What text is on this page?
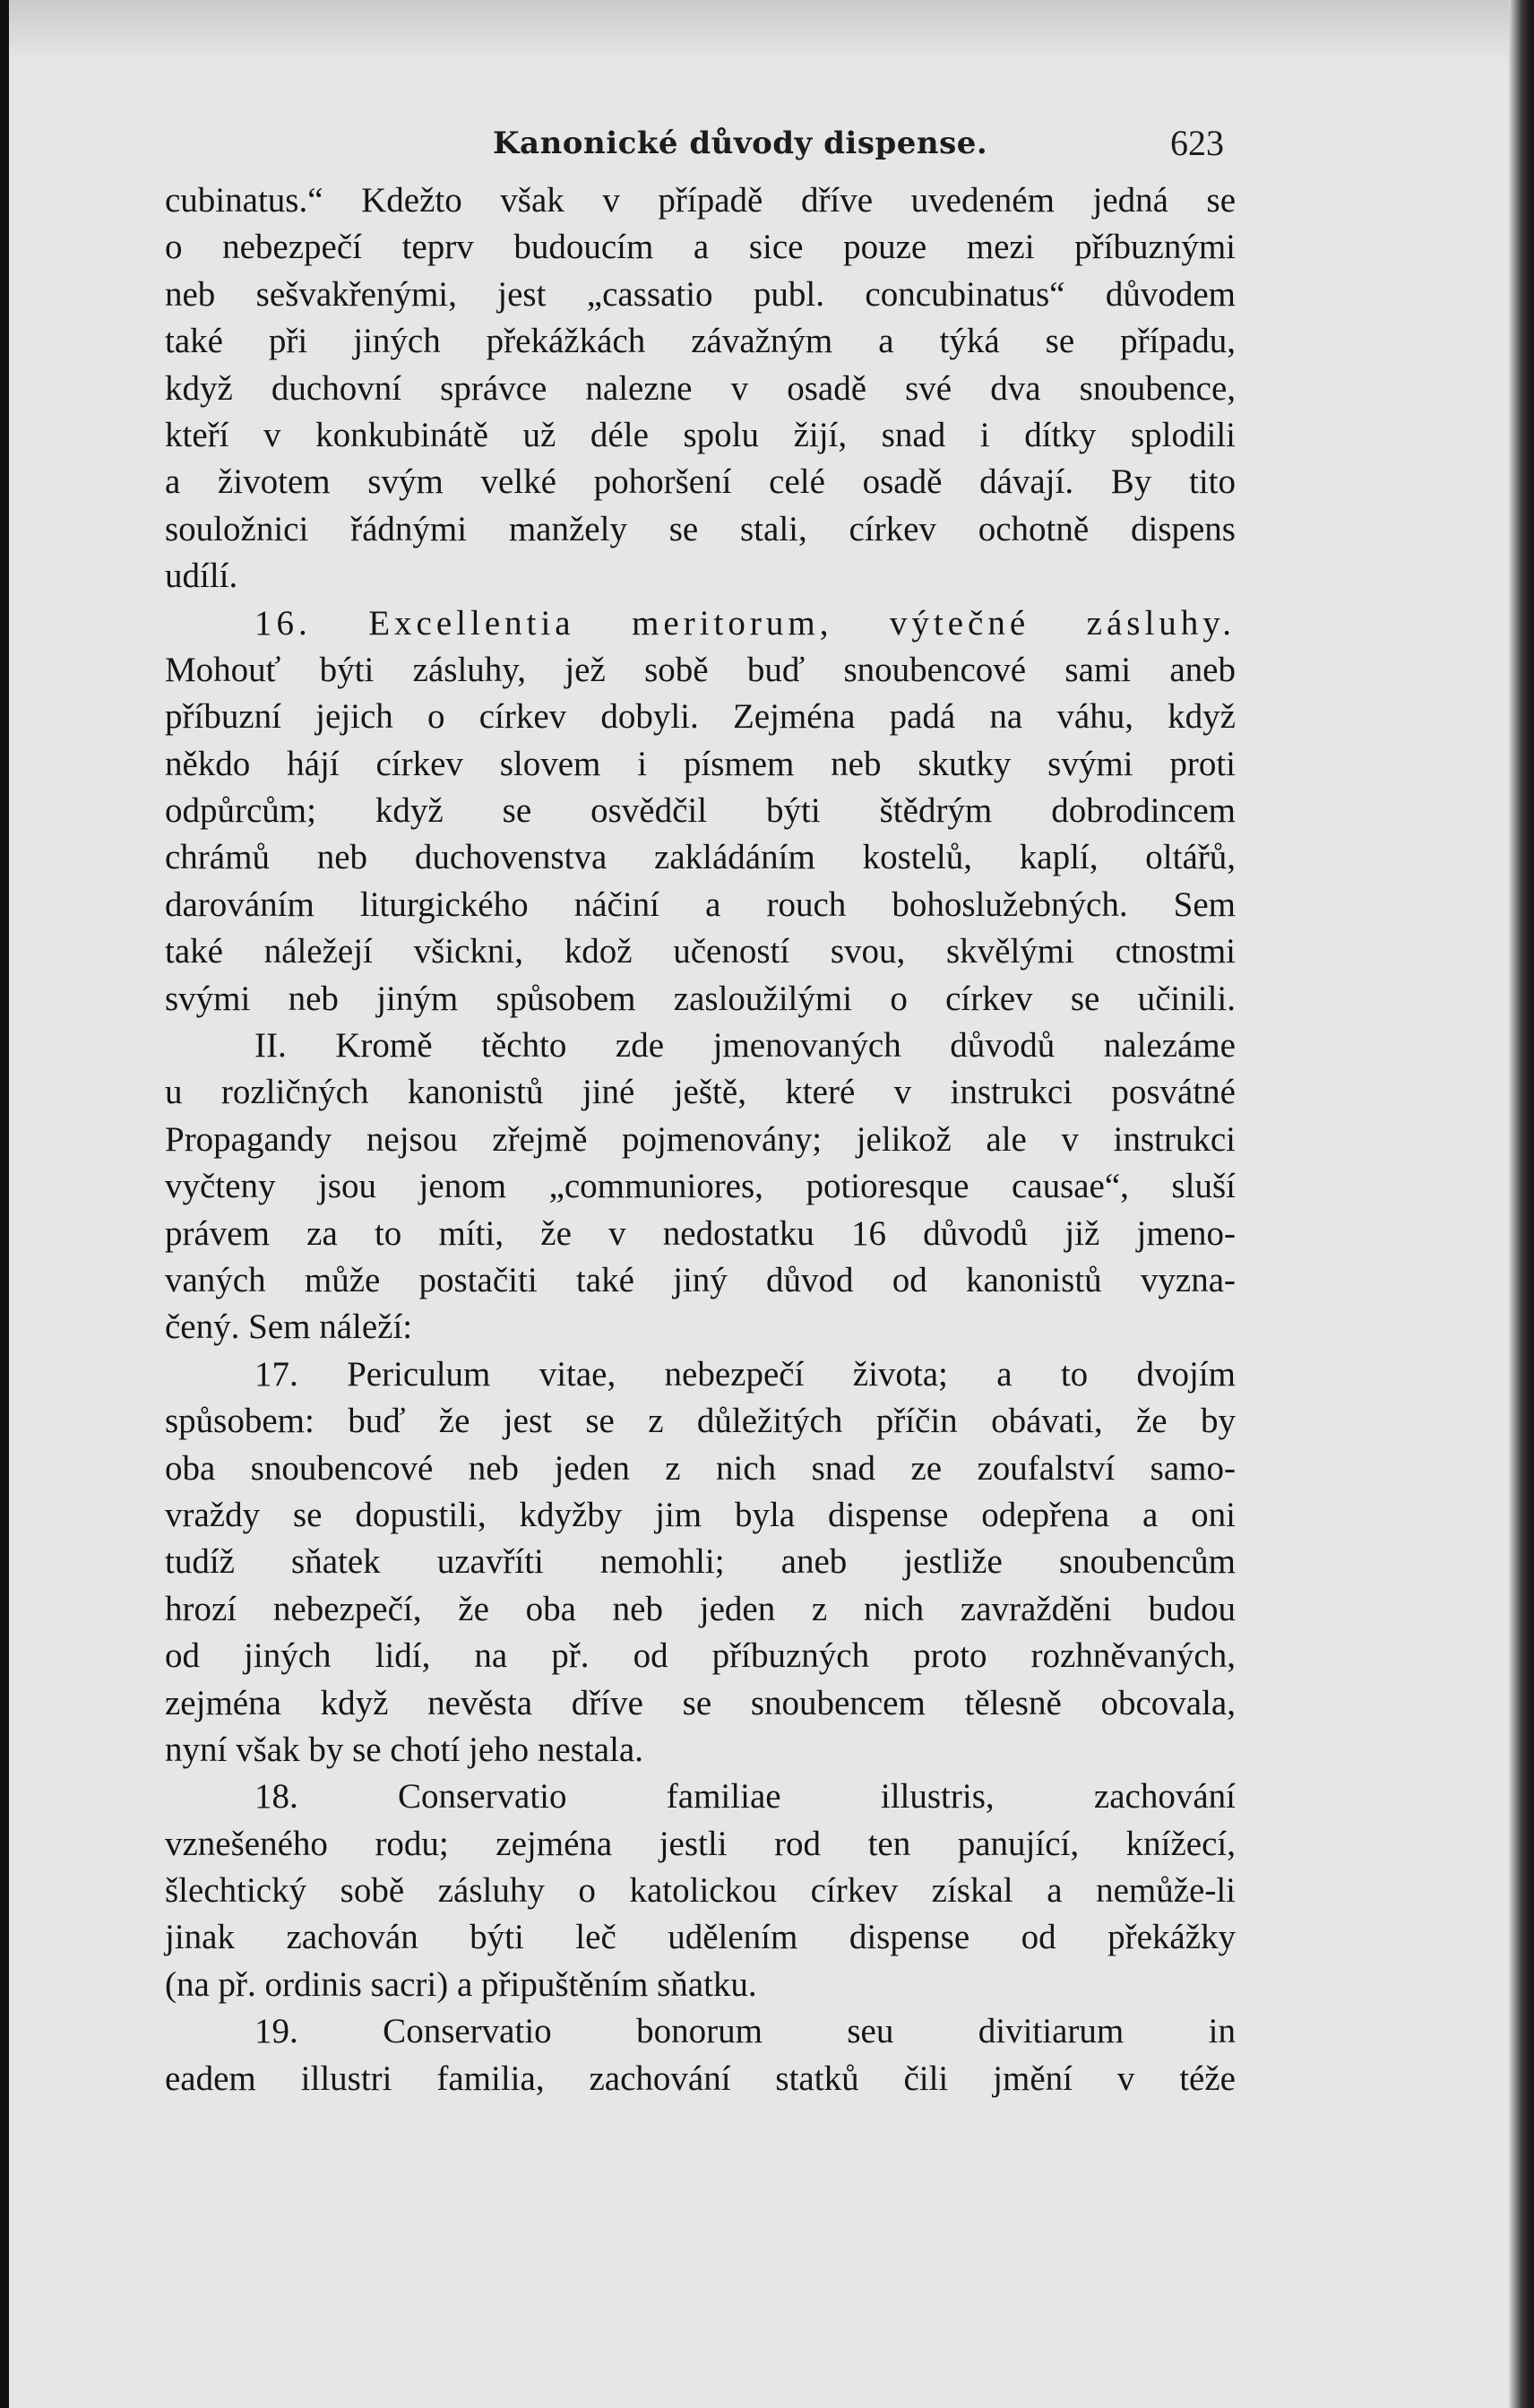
Kanonické důvody dispense.	623
cubinatus.“ Kdežto však v případě dříve uvedeném jedná se
o nebezpečí teprv budoucím a sice pouze mezi příbuznými
neb sešvakřenými, jest „cassatio publ. concubinatus“ důvodem
také při jiných překážkách závažným a týká se případu,
když duchovní správce nalezne v osadě své dva snoubence,
kteří v konkubinátě už déle spolu žijí, snad i dítky splodili
a životem svým velké pohoršení celé osadě dávají. By tito
souložnici řádnými manžely se stali, církev ochotně dispens
udílí.
16. Excellentia meritorum, výtečné zásluhy.
Mohouť býti zásluhy, jež sobě buď snoubencové sami aneb
příbuzní jejich o církev dobyli. Zejména padá na váhu, když
někdo hájí církev slovem i písmem neb skutky svými proti
odpůrcům; když se osvědčil býti štědrým dobrodincem
chrámů neb duchovenstva zakládáním kostelů, kaplí, oltářů,
darováním liturgického náčiní a rouch bohoslužebných. Sem
také náležejí všickni, kdož učeností svou, skvělými ctnostmi
svými neb jiným spůsobem zasloužilými o církev se učinili.
II. Kromě těchto zde jmenovaných důvodů nalezáme
u rozličných kanonistů jiné ještě, které v instrukci posvátné
Propagandy nejsou zřejmě pojmenovány; jelikož ale v instrukci
vyčteny jsou jenom „communiores, potioresque causae“, sluší
právem za to míti, že v nedostatku 16 důvodů již jmeno-
vaných může postačiti také jiný důvod od kanonistů vyzna-
čený. Sem náleží:
17. Periculum vitae, nebezpečí života; a to dvojím
spůsobem: buď že jest se z důležitých příčin obávati, že by
oba snoubencové neb jeden z nich snad ze zoufalství samo-
vraždy se dopustili, kdyžby jim byla dispense odepřena a oni
tudíž sňatek uzavříti nemohli; aneb jestliže snoubencům
hrozí nebezpečí, že oba neb jeden z nich zavražděni budou
od jiných lidí, na př. od příbuzných proto rozhněvaných,
zejména když nevěsta dříve se snoubencem tělesně obcovala,
nyní však by se chotí jeho nestala.
18. Conservatio familiae illustris, zachování
vznešeného rodu; zejména jestli rod ten panující, knížecí,
šlechtický sobě zásluhy o katolickou církev získal a nemůže-li
jinak zachován býti leč udělením dispense od překážky
(na př. ordinis sacri) a připuštěním sňatku.
19. Conservatio bonorum seu divitiarum in
eadem illustri familia, zachování statků čili jmění v téže
